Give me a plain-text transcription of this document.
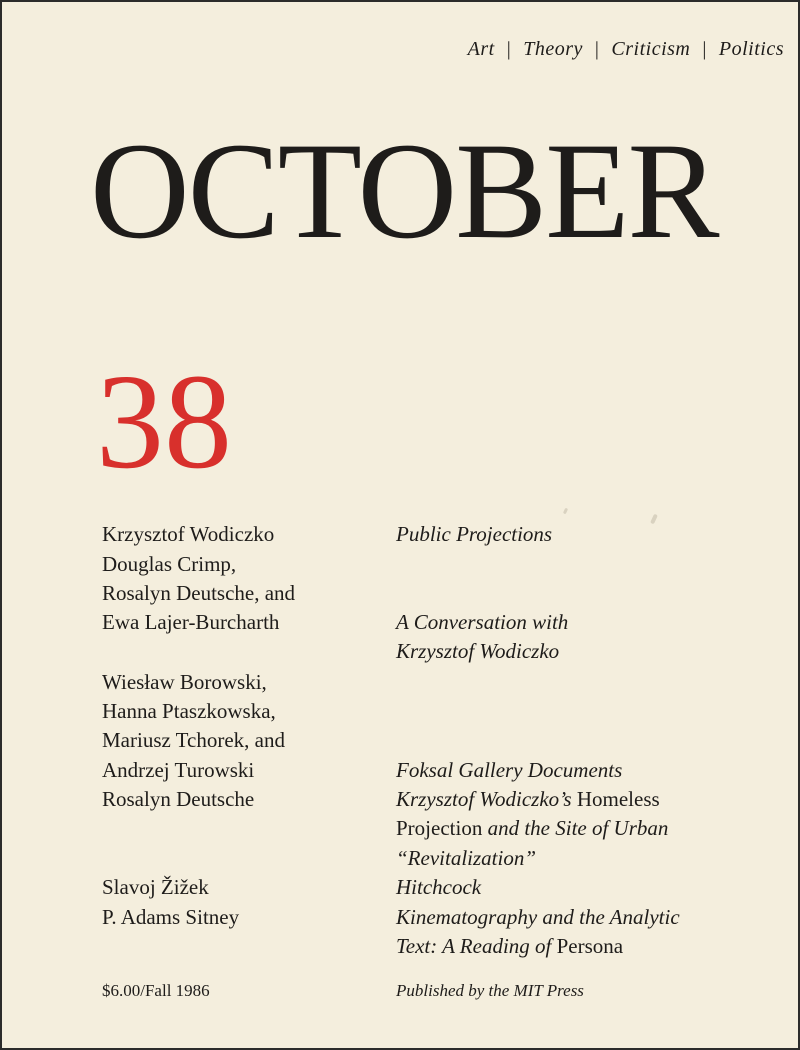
Art | Theory | Criticism | Politics
OCTOBER
38
Krzysztof Wodiczko
Douglas Crimp,
Rosalyn Deutsche, and
Ewa Lajer-Burcharth
Wiesław Borowski,
Hanna Ptaszkowska,
Mariusz Tchorek, and
Andrzej Turowski
Rosalyn Deutsche
Slavoj Žižek
P. Adams Sitney
Public Projections
A Conversation with
Krzysztof Wodiczko
Foksal Gallery Documents
Krzysztof Wodiczko’s Homeless
Projection and the Site of Urban
“Revitalization”
Hitchcock
Kinematography and the Analytic
Text: A Reading of Persona
$6.00/Fall 1986	Published by the MIT Press
